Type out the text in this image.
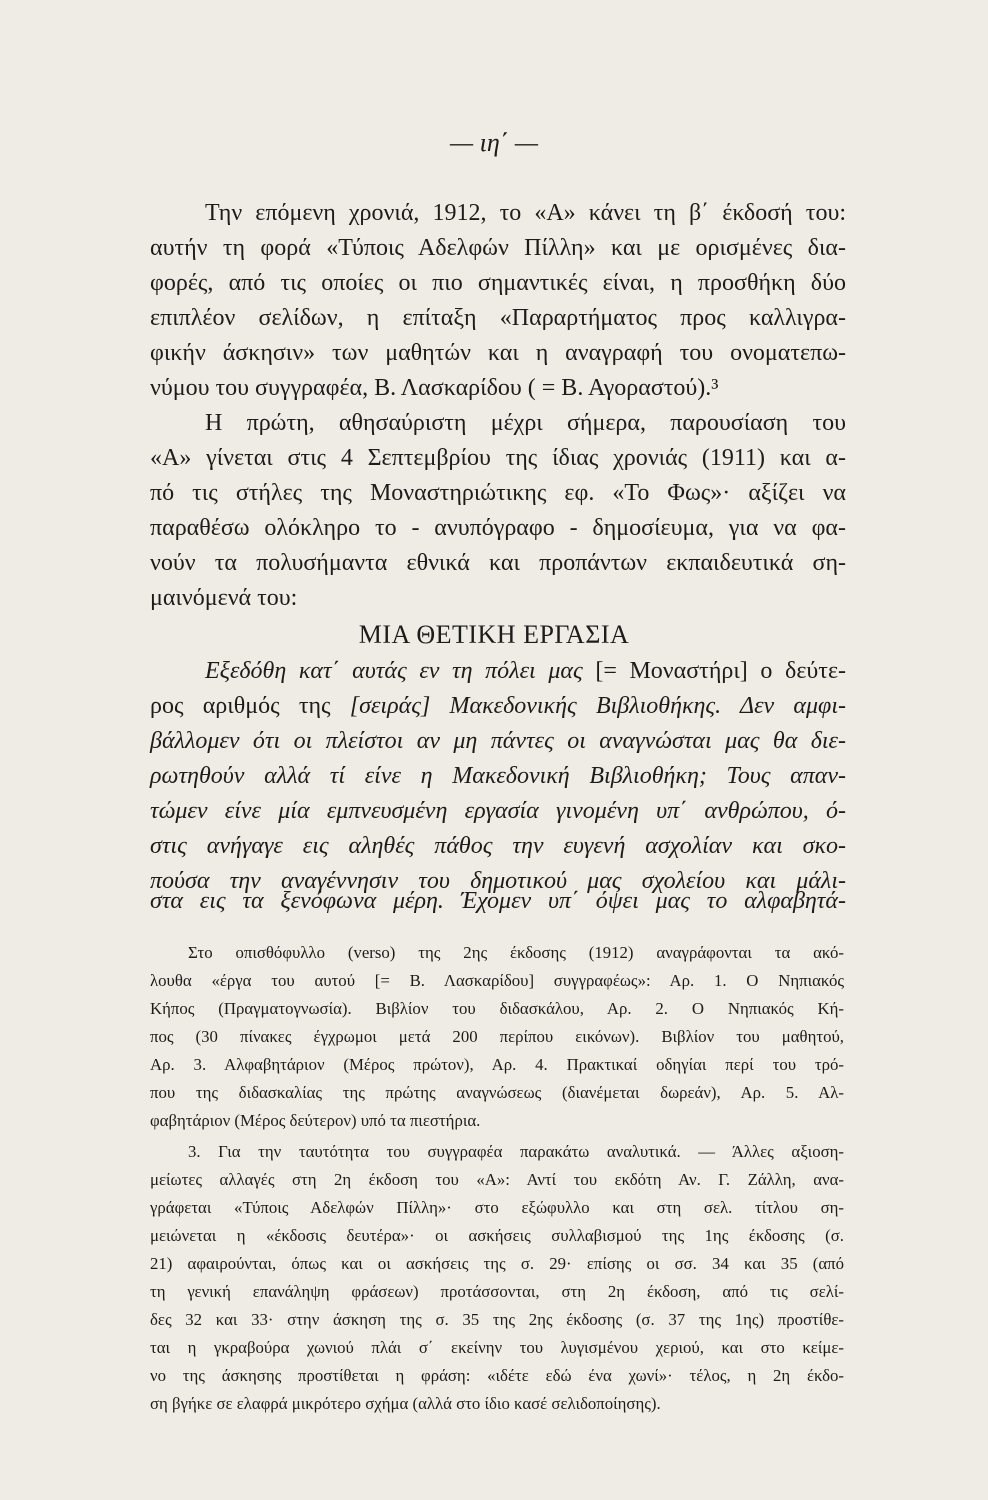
— ιη΄ —
Την επόμενη χρονιά, 1912, το «Α» κάνει τη β΄ έκδοσή του:
αυτήν τη φορά «Τύποις Αδελφών Πίλλη» και με ορισμένες δια-
φορές, από τις οποίες οι πιο σημαντικές είναι, η προσθήκη δύο
επιπλέον σελίδων, η επίταξη «Παραρτήματος προς καλλιγρα-
φικήν άσκησιν» των μαθητών και η αναγραφή του ονοματεπω-
νύμου του συγγραφέα, Β. Λασκαρίδου ( = Β. Αγοραστού).³
Η πρώτη, αθησαύριστη μέχρι σήμερα, παρουσίαση του
«Α» γίνεται στις 4 Σεπτεμβρίου της ίδιας χρονιάς (1911) και α-
πό τις στήλες της Μοναστηριώτικης εφ. «Το Φως»· αξίζει να
παραθέσω ολόκληρο το - ανυπόγραφο - δημοσίευμα, για να φα-
νούν τα πολυσήμαντα εθνικά και προπάντων εκπαιδευτικά ση-
μαινόμενά του:
ΜΙΑ ΘΕΤΙΚΗ ΕΡΓΑΣΙΑ
Εξεδόθη κατ΄ αυτάς εν τη πόλει μας [= Μοναστήρι] ο δεύτε-
ρος αριθμός της [σειράς] Μακεδονικής Βιβλιοθήκης. Δεν αμφι-
βάλλομεν ότι οι πλείστοι αν μη πάντες οι αναγνώσται μας θα διε-
ρωτηθούν αλλά τί είνε η Μακεδονική Βιβλιοθήκη; Τους απαν-
τώμεν είνε μία εμπνευσμένη εργασία γινομένη υπ΄ ανθρώπου, ό-
στις ανήγαγε εις αληθές πάθος την ευγενή ασχολίαν και σκο-
πούσα την αναγέννησιν του δημοτικού μας σχολείου και μάλι-
στα εις τα ξενόφωνα μέρη. Έχομεν υπ΄ όψει μας το αλφαβητά-
Στο οπισθόφυλλο (verso) της 2ης έκδοσης (1912) αναγράφονται τα ακό-
λουθα «έργα του αυτού [= Β. Λασκαρίδου] συγγραφέως»: Αρ. 1. Ο Νηπιακός
Κήπος (Πραγματογνωσία). Βιβλίον του διδασκάλου, Αρ. 2. Ο Νηπιακός Κή-
πος (30 πίνακες έγχρωμοι μετά 200 περίπου εικόνων). Βιβλίον του μαθητού,
Αρ. 3. Αλφαβητάριον (Μέρος πρώτον), Αρ. 4. Πρακτικαί οδηγίαι περί του τρό-
που της διδασκαλίας της πρώτης αναγνώσεως (διανέμεται δωρεάν), Αρ. 5. Αλ-
φαβητάριον (Μέρος δεύτερον) υπό τα πιεστήρια.
3. Για την ταυτότητα του συγγραφέα παρακάτω αναλυτικά. — Άλλες αξιοση-
μείωτες αλλαγές στη 2η έκδοση του «Α»: Αντί του εκδότη Αν. Γ. Ζάλλη, ανα-
γράφεται «Τύποις Αδελφών Πίλλη»· στο εξώφυλλο και στη σελ. τίτλου ση-
μειώνεται η «έκδοσις δευτέρα»· οι ασκήσεις συλλαβισμού της 1ης έκδοσης (σ.
21) αφαιρούνται, όπως και οι ασκήσεις της σ. 29· επίσης οι σσ. 34 και 35 (από
τη γενική επανάληψη φράσεων) προτάσσονται, στη 2η έκδοση, από τις σελί-
δες 32 και 33· στην άσκηση της σ. 35 της 2ης έκδοσης (σ. 37 της 1ης) προστίθε-
ται η γκραβούρα χωνιού πλάι σ΄ εκείνην του λυγισμένου χεριού, και στο κείμε-
νο της άσκησης προστίθεται η φράση: «ιδέτε εδώ ένα χωνί»· τέλος, η 2η έκδο-
ση βγήκε σε ελαφρά μικρότερο σχήμα (αλλά στο ίδιο κασέ σελιδοποίησης).
